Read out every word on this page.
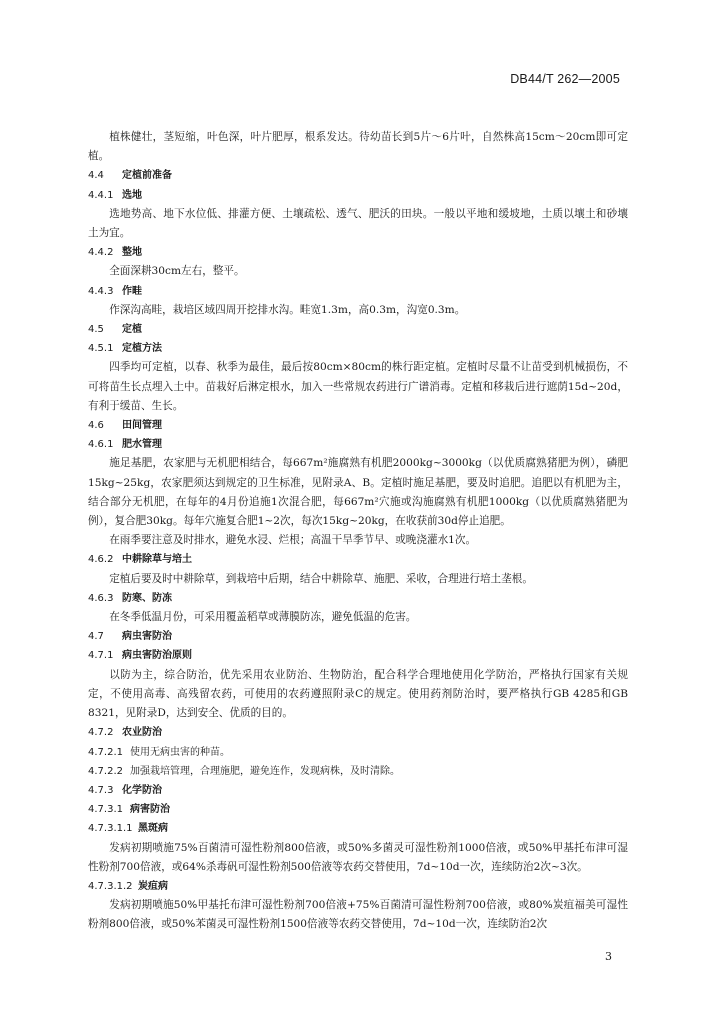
DB44/T 262—2005

植株健壮，茎短缩，叶色深，叶片肥厚，根系发达。待幼苗长到5片～6片叶，自然株高15cm～20cm即可定植。

4.4 定植前准备

4.4.1 选地

选地势高、地下水位低、排灌方便、土壤疏松、透气、肥沃的田块。一般以平地和缓坡地，土质以壤土和砂壤土为宜。

4.4.2 整地

全面深耕30cm左右，整平。

4.4.3 作畦

作深沟高畦，栽培区域四周开挖排水沟。畦宽1.3m，高0.3m，沟宽0.3m。

4.5 定植

4.5.1 定植方法

四季均可定植，以春、秋季为最佳，最后按80cm×80cm的株行距定植。定植时尽量不让苗受到机械损伤，不可将苗生长点埋入土中。苗栽好后淋定根水，加入一些常规农药进行广谱消毒。定植和移栽后进行遮荫15d~20d，有利于缓苗、生长。

4.6 田间管理

4.6.1 肥水管理

施足基肥，农家肥与无机肥相结合，每667m²施腐熟有机肥2000kg~3000kg（以优质腐熟猪肥为例），磷肥15kg~25kg，农家肥须达到规定的卫生标准，见附录A、B。定植时施足基肥，要及时追肥。追肥以有机肥为主，结合部分无机肥，在每年的4月份追施1次混合肥，每667m²穴施或沟施腐熟有机肥1000kg（以优质腐熟猪肥为例），复合肥30kg。每年穴施复合肥1~2次，每次15kg~20kg，在收获前30d停止追肥。

在雨季要注意及时排水，避免水浸、烂根；高温干旱季节早、或晚浇灌水1次。

4.6.2 中耕除草与培土

定植后要及时中耕除草，到栽培中后期，结合中耕除草、施肥、采收，合理进行培土垄根。

4.6.3 防寒、防冻

在冬季低温月份，可采用覆盖稻草或薄膜防冻，避免低温的危害。

4.7 病虫害防治

4.7.1 病虫害防治原则

以防为主，综合防治，优先采用农业防治、生物防治，配合科学合理地使用化学防治，严格执行国家有关规定，不使用高毒、高残留农药，可使用的农药遵照附录C的规定。使用药剂防治时，要严格执行GB 4285和GB 8321，见附录D，达到安全、优质的目的。

4.7.2 农业防治

4.7.2.1 使用无病虫害的种苗。

4.7.2.2 加强栽培管理，合理施肥，避免连作，发现病株，及时清除。

4.7.3 化学防治

4.7.3.1 病害防治

4.7.3.1.1 黑斑病

发病初期喷施75%百菌清可湿性粉剂800倍液，或50%多菌灵可湿性粉剂1000倍液，或50%甲基托布津可湿性粉剂700倍液，或64%杀毒矾可湿性粉剂500倍液等农药交替使用，7d~10d一次，连续防治2次~3次。

4.7.3.1.2 炭疽病

发病初期喷施50%甲基托布津可湿性粉剂700倍液+75%百菌清可湿性粉剂700倍液，或80%炭疽福美可湿性粉剂800倍液，或50%苯菌灵可湿性粉剂1500倍液等农药交替使用，7d~10d一次，连续防治2次

3
